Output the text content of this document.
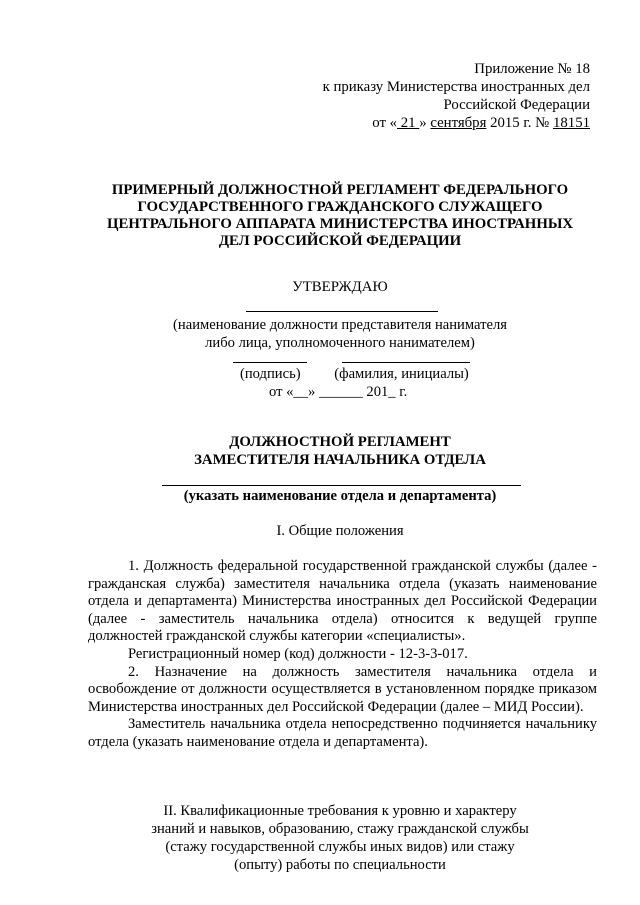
Приложение № 18
к приказу Министерства иностранных дел
Российской Федерации
от « 21 » сентября 2015 г. № 18151
ПРИМЕРНЫЙ ДОЛЖНОСТНОЙ РЕГЛАМЕНТ ФЕДЕРАЛЬНОГО
ГОСУДАРСТВЕННОГО ГРАЖДАНСКОГО СЛУЖАЩЕГО
ЦЕНТРАЛЬНОГО АППАРАТА МИНИСТЕРСТВА ИНОСТРАННЫХ
ДЕЛ РОССИЙСКОЙ ФЕДЕРАЦИИ
УТВЕРЖДАЮ
(наименование должности представителя нанимателя
либо лица, уполномоченного нанимателем)
(подпись) (фамилия, инициалы)
от «__» ______ 201_ г.
ДОЛЖНОСТНОЙ РЕГЛАМЕНТ
ЗАМЕСТИТЕЛЯ НАЧАЛЬНИКА ОТДЕЛА
(указать наименование отдела и департамента)
I. Общие положения

1. Должность федеральной государственной гражданской службы (далее - гражданская служба) заместителя начальника отдела (указать наименование отдела и департамента) Министерства иностранных дел Российской Федерации (далее - заместитель начальника отдела) относится к ведущей группе должностей гражданской службы категории «специалисты».

Регистрационный номер (код) должности - 12-3-3-017.

2. Назначение на должность заместителя начальника отдела и освобождение от должности осуществляется в установленном порядке приказом Министерства иностранных дел Российской Федерации (далее – МИД России).

Заместитель начальника отдела непосредственно подчиняется начальнику отдела (указать наименование отдела и департамента).

II. Квалификационные требования к уровню и характеру
знаний и навыков, образованию, стажу гражданской службы
(стажу государственной службы иных видов) или стажу
(опыту) работы по специальности
